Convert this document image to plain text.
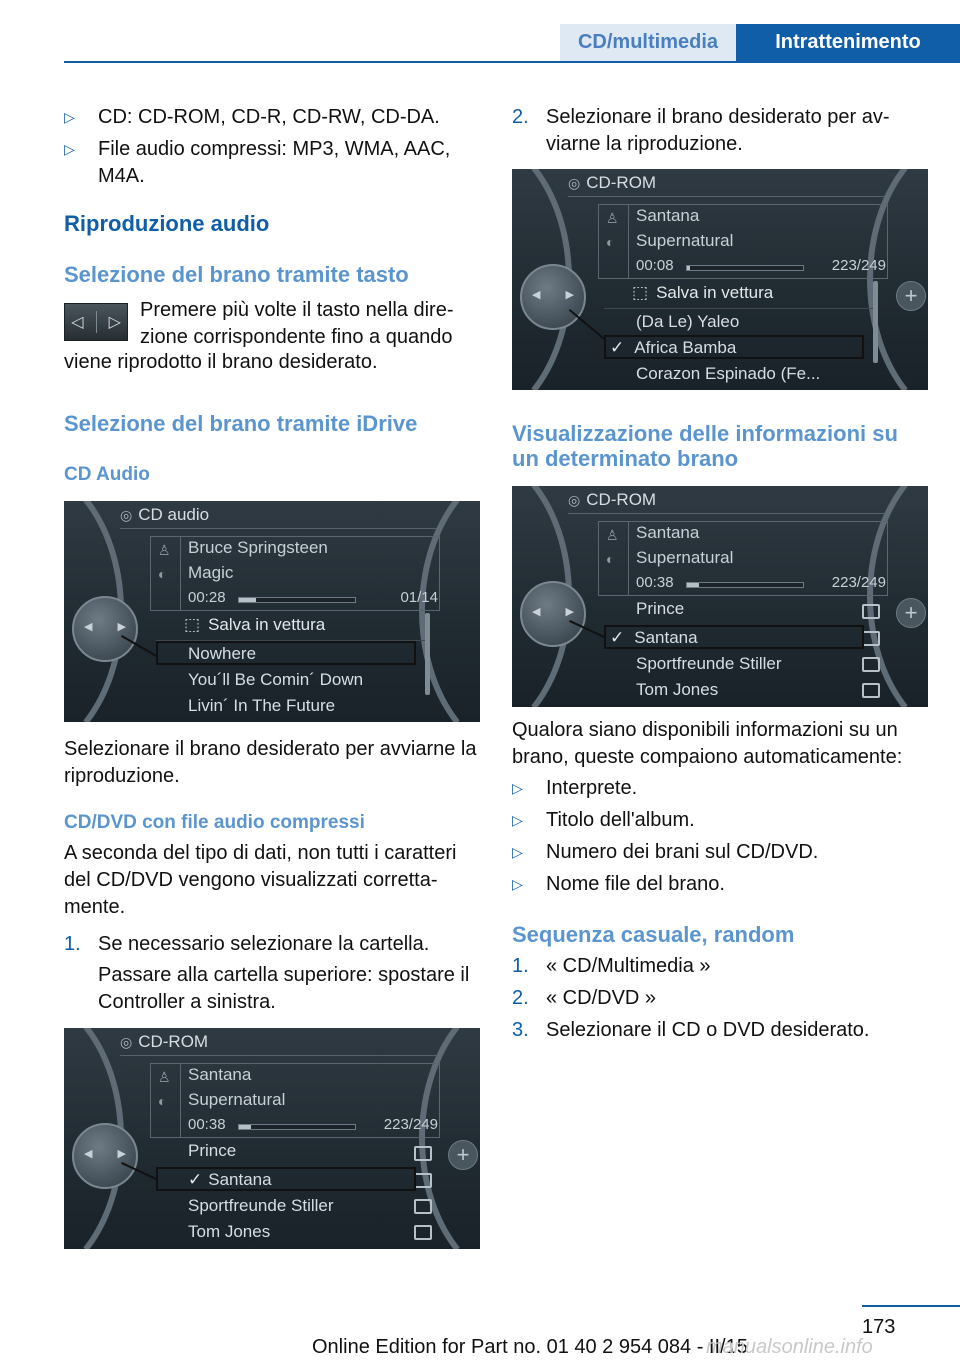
CD/multimedia	Intrattenimento
▷	CD: CD-ROM, CD-R, CD-RW, CD-DA.
▷	File audio compressi: MP3, WMA, AAC, M4A.
Riproduzione audio
Selezione del brano tramite tasto
◁ ▷
Premere più volte il tasto nella dire‐
zione corrispondente fino a quando
viene riprodotto il brano desiderato.
Selezione del brano tramite iDrive
CD Audio
◎ CD audio
♙
◐
Bruce Springsteen
Magic
00:28	01/14
⬚ Salva in vettura
Nowhere
You´ll Be Comin´ Down
Livin´ In The Future
◀ ▶
Selezionare il brano desiderato per avviarne la riproduzione.
CD/DVD con file audio compressi
A seconda del tipo di dati, non tutti i caratteri del CD/DVD vengono visualizzati corretta‐ mente.
1. Se necessario selezionare la cartella.
Passare alla cartella superiore: spostare il Controller a sinistra.
◎ CD-ROM
♙
◐
Santana
Supernatural
00:38	223/249
Prince
✓ Santana
Sportfreunde Stiller
Tom Jones
+
◀ ▶
2. Selezionare il brano desiderato per av‐ viarne la riproduzione.
◎ CD-ROM
♙
◐
Santana
Supernatural
00:08	223/249
⬚ Salva in vettura
(Da Le) Yaleo
✓ Africa Bamba
Corazon Espinado (Fe...
+
◀ ▶
Visualizzazione delle informazioni su un determinato brano
◎ CD-ROM
♙
◐
Santana
Supernatural
00:38	223/249
Prince
✓ Santana
Sportfreunde Stiller
Tom Jones
+
◀ ▶
Qualora siano disponibili informazioni su un brano, queste compaiono automaticamente:
▷	Interprete.
▷	Titolo dell'album.
▷	Numero dei brani sul CD/DVD.
▷	Nome file del brano.
Sequenza casuale, random
1. « CD/Multimedia »
2. « CD/DVD »
3. Selezionare il CD o DVD desiderato.
173
Online Edition for Part no. 01 40 2 954 084 - II/15
manualsonline.info
